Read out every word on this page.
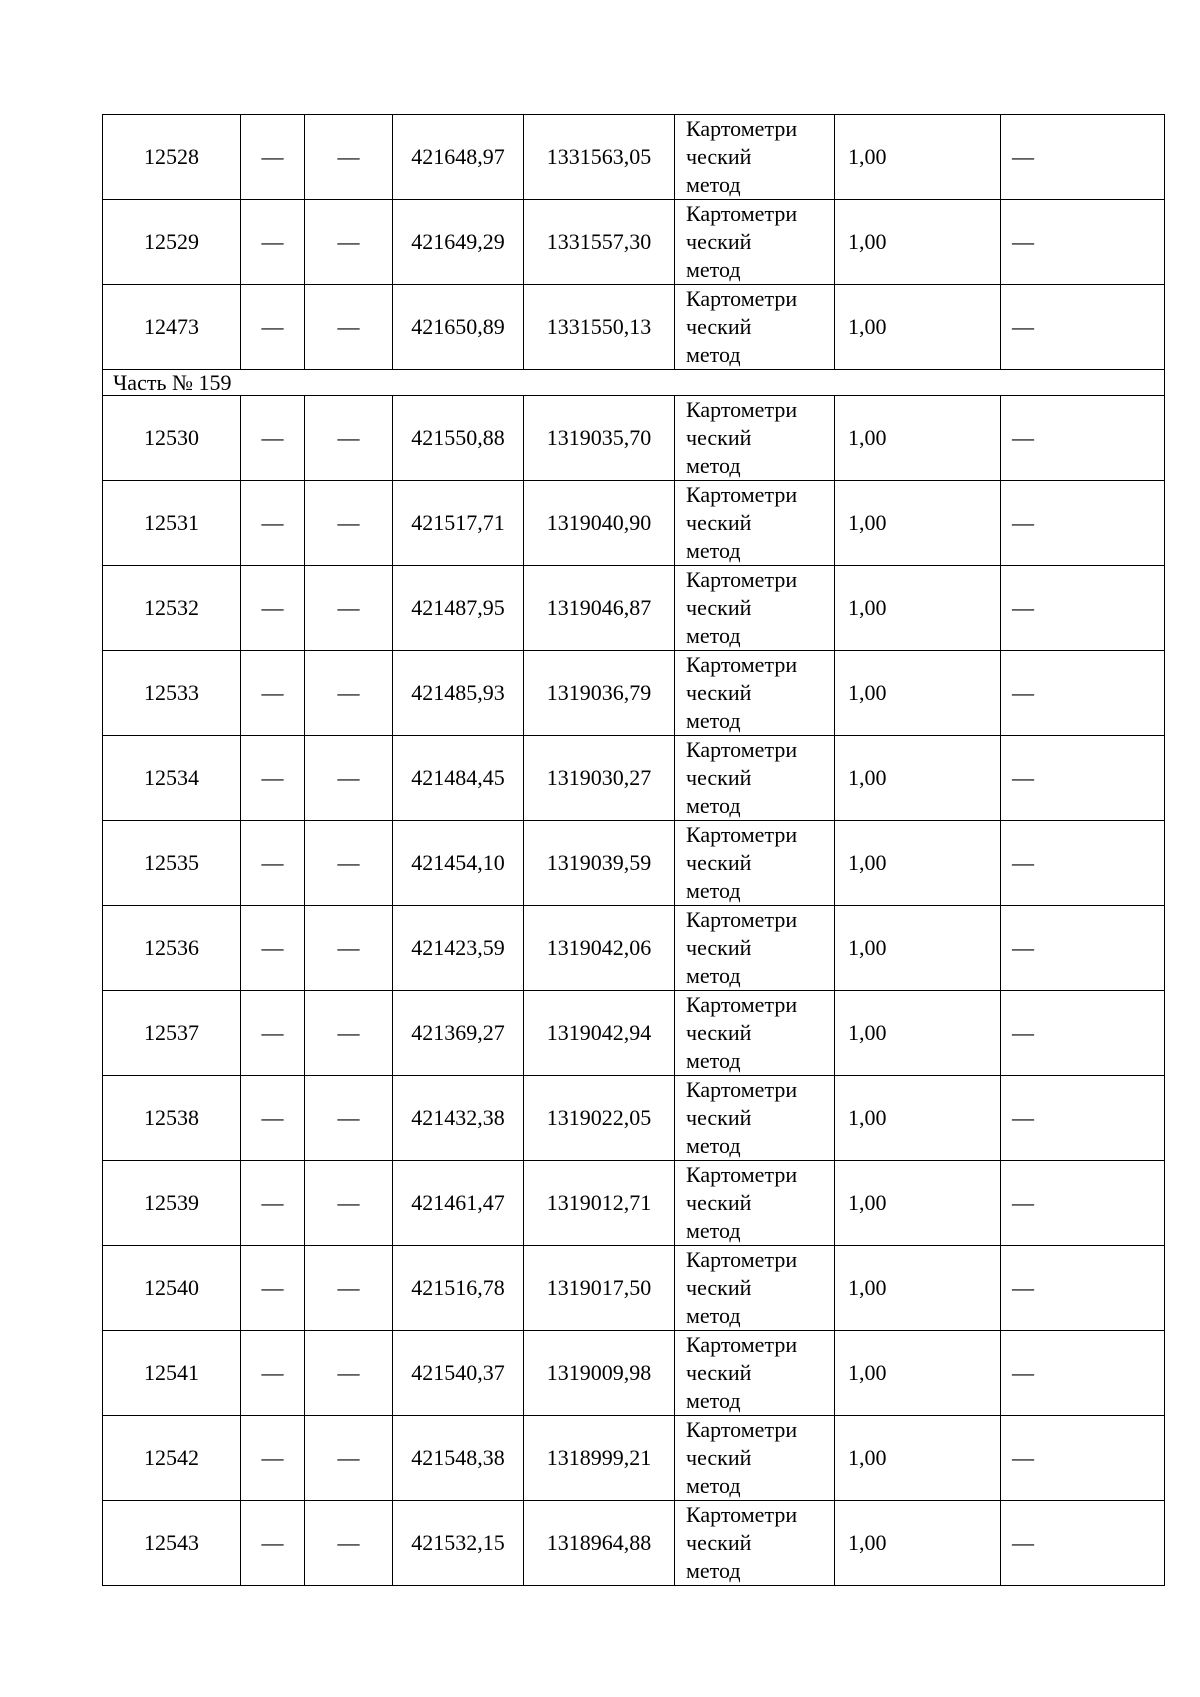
12528	—	—	421648,97	1331563,05	Картометри
ческий
метод	1,00	—
12529	—	—	421649,29	1331557,30	Картометри
ческий
метод	1,00	—
12473	—	—	421650,89	1331550,13	Картометри
ческий
метод	1,00	—
Часть № 159							
12530	—	—	421550,88	1319035,70	Картометри
ческий
метод	1,00	—
12531	—	—	421517,71	1319040,90	Картометри
ческий
метод	1,00	—
12532	—	—	421487,95	1319046,87	Картометри
ческий
метод	1,00	—
12533	—	—	421485,93	1319036,79	Картометри
ческий
метод	1,00	—
12534	—	—	421484,45	1319030,27	Картометри
ческий
метод	1,00	—
12535	—	—	421454,10	1319039,59	Картометри
ческий
метод	1,00	—
12536	—	—	421423,59	1319042,06	Картометри
ческий
метод	1,00	—
12537	—	—	421369,27	1319042,94	Картометри
ческий
метод	1,00	—
12538	—	—	421432,38	1319022,05	Картометри
ческий
метод	1,00	—
12539	—	—	421461,47	1319012,71	Картометри
ческий
метод	1,00	—
12540	—	—	421516,78	1319017,50	Картометри
ческий
метод	1,00	—
12541	—	—	421540,37	1319009,98	Картометри
ческий
метод	1,00	—
12542	—	—	421548,38	1318999,21	Картометри
ческий
метод	1,00	—
12543	—	—	421532,15	1318964,88	Картометри
ческий
метод	1,00	—
